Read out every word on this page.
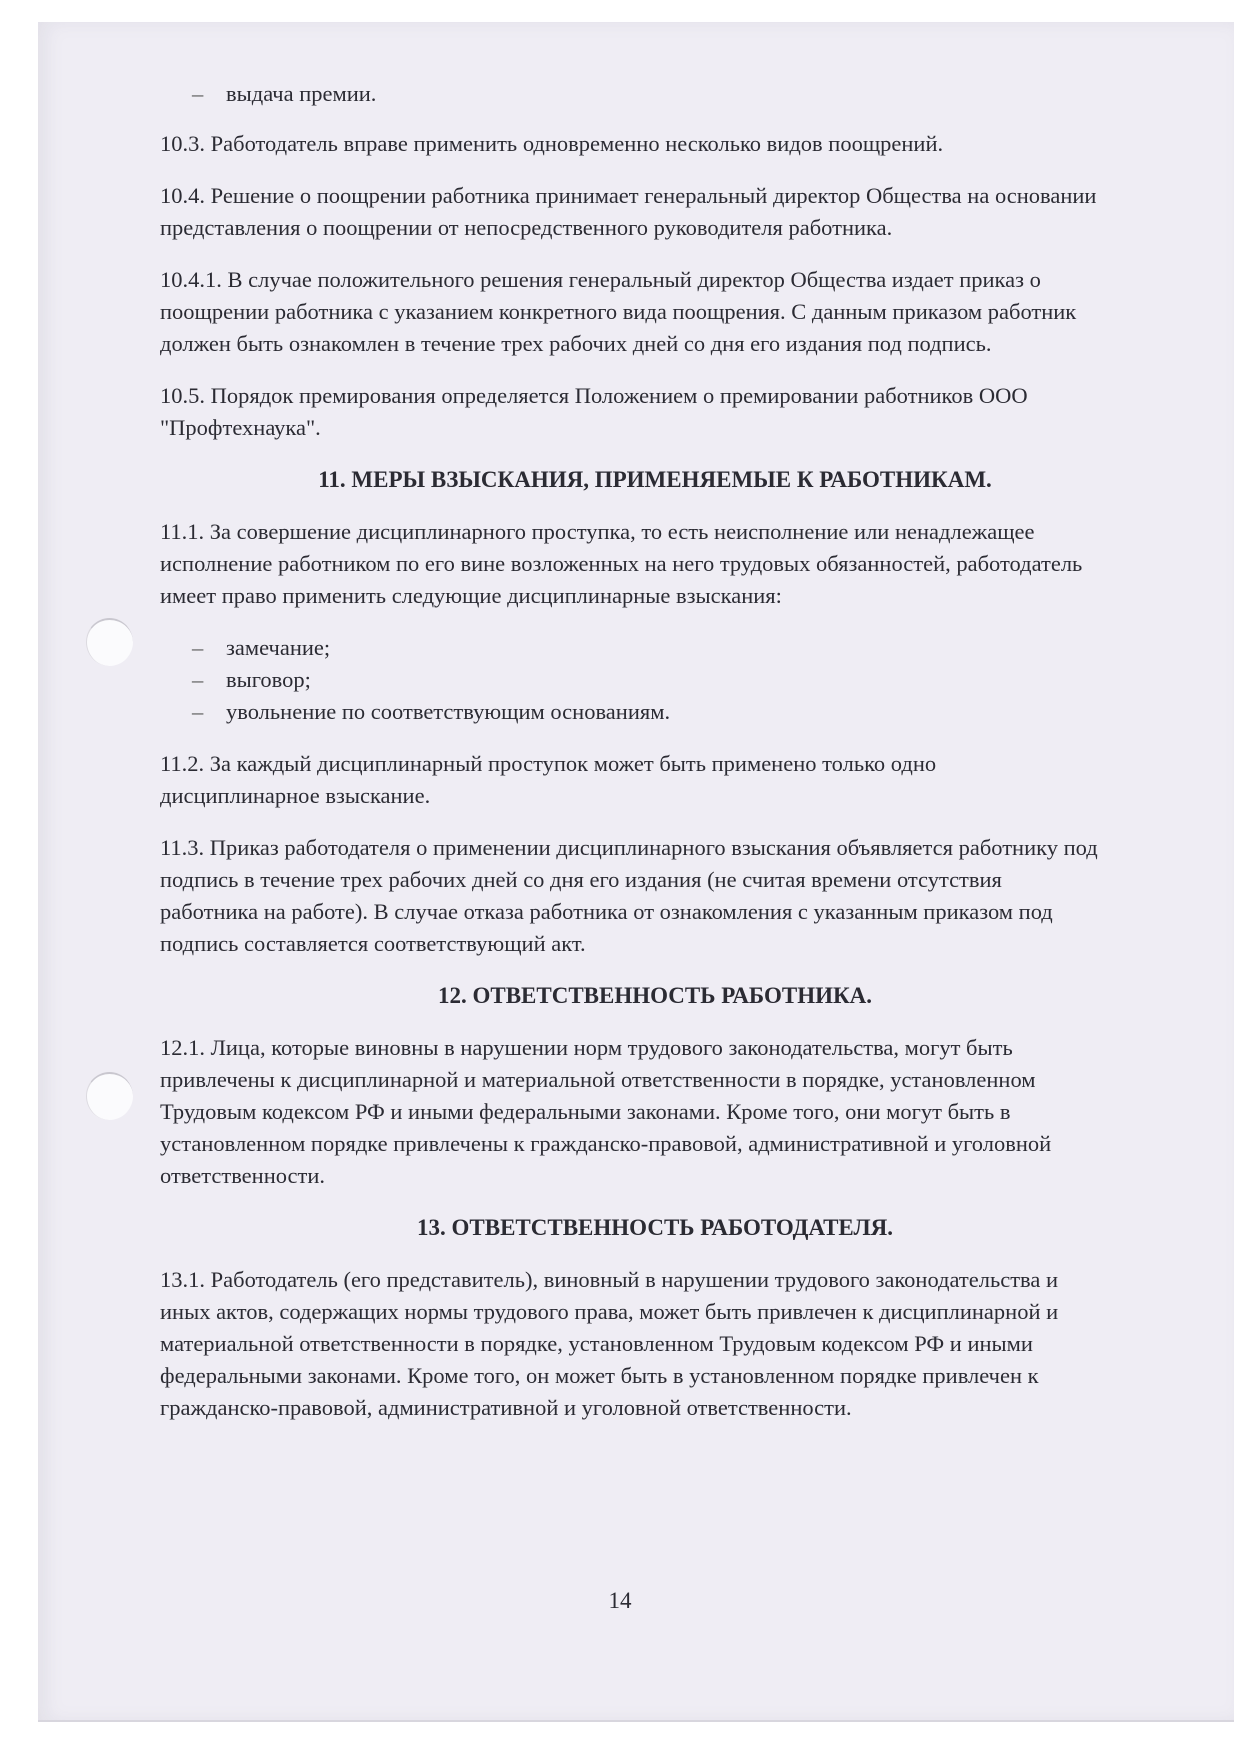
– выдача премии.

10.3. Работодатель вправе применить одновременно несколько видов поощрений.

10.4. Решение о поощрении работника принимает генеральный директор Общества на основании представления о поощрении от непосредственного руководителя работника.

10.4.1. В случае положительного решения генеральный директор Общества издает приказ о поощрении работника с указанием конкретного вида поощрения. С данным приказом работник должен быть ознакомлен в течение трех рабочих дней со дня его издания под подпись.

10.5. Порядок премирования определяется Положением о премировании работников ООО "Профтехнаука".

11. МЕРЫ ВЗЫСКАНИЯ, ПРИМЕНЯЕМЫЕ К РАБОТНИКАМ.

11.1. За совершение дисциплинарного проступка, то есть неисполнение или ненадлежащее исполнение работником по его вине возложенных на него трудовых обязанностей, работодатель имеет право применить следующие дисциплинарные взыскания:

– замечание;
– выговор;
– увольнение по соответствующим основаниям.

11.2. За каждый дисциплинарный проступок может быть применено только одно дисциплинарное взыскание.

11.3. Приказ работодателя о применении дисциплинарного взыскания объявляется работнику под подпись в течение трех рабочих дней со дня его издания (не считая времени отсутствия работника на работе). В случае отказа работника от ознакомления с указанным приказом под подпись составляется соответствующий акт.

12. ОТВЕТСТВЕННОСТЬ РАБОТНИКА.

12.1. Лица, которые виновны в нарушении норм трудового законодательства, могут быть привлечены к дисциплинарной и материальной ответственности в порядке, установленном Трудовым кодексом РФ и иными федеральными законами. Кроме того, они могут быть в установленном порядке привлечены к гражданско-правовой, административной и уголовной ответственности.

13. ОТВЕТСТВЕННОСТЬ РАБОТОДАТЕЛЯ.

13.1. Работодатель (его представитель), виновный в нарушении трудового законодательства и иных актов, содержащих нормы трудового права, может быть привлечен к дисциплинарной и материальной ответственности в порядке, установленном Трудовым кодексом РФ и иными федеральными законами. Кроме того, он может быть в установленном порядке привлечен к гражданско-правовой, административной и уголовной ответственности.

14
